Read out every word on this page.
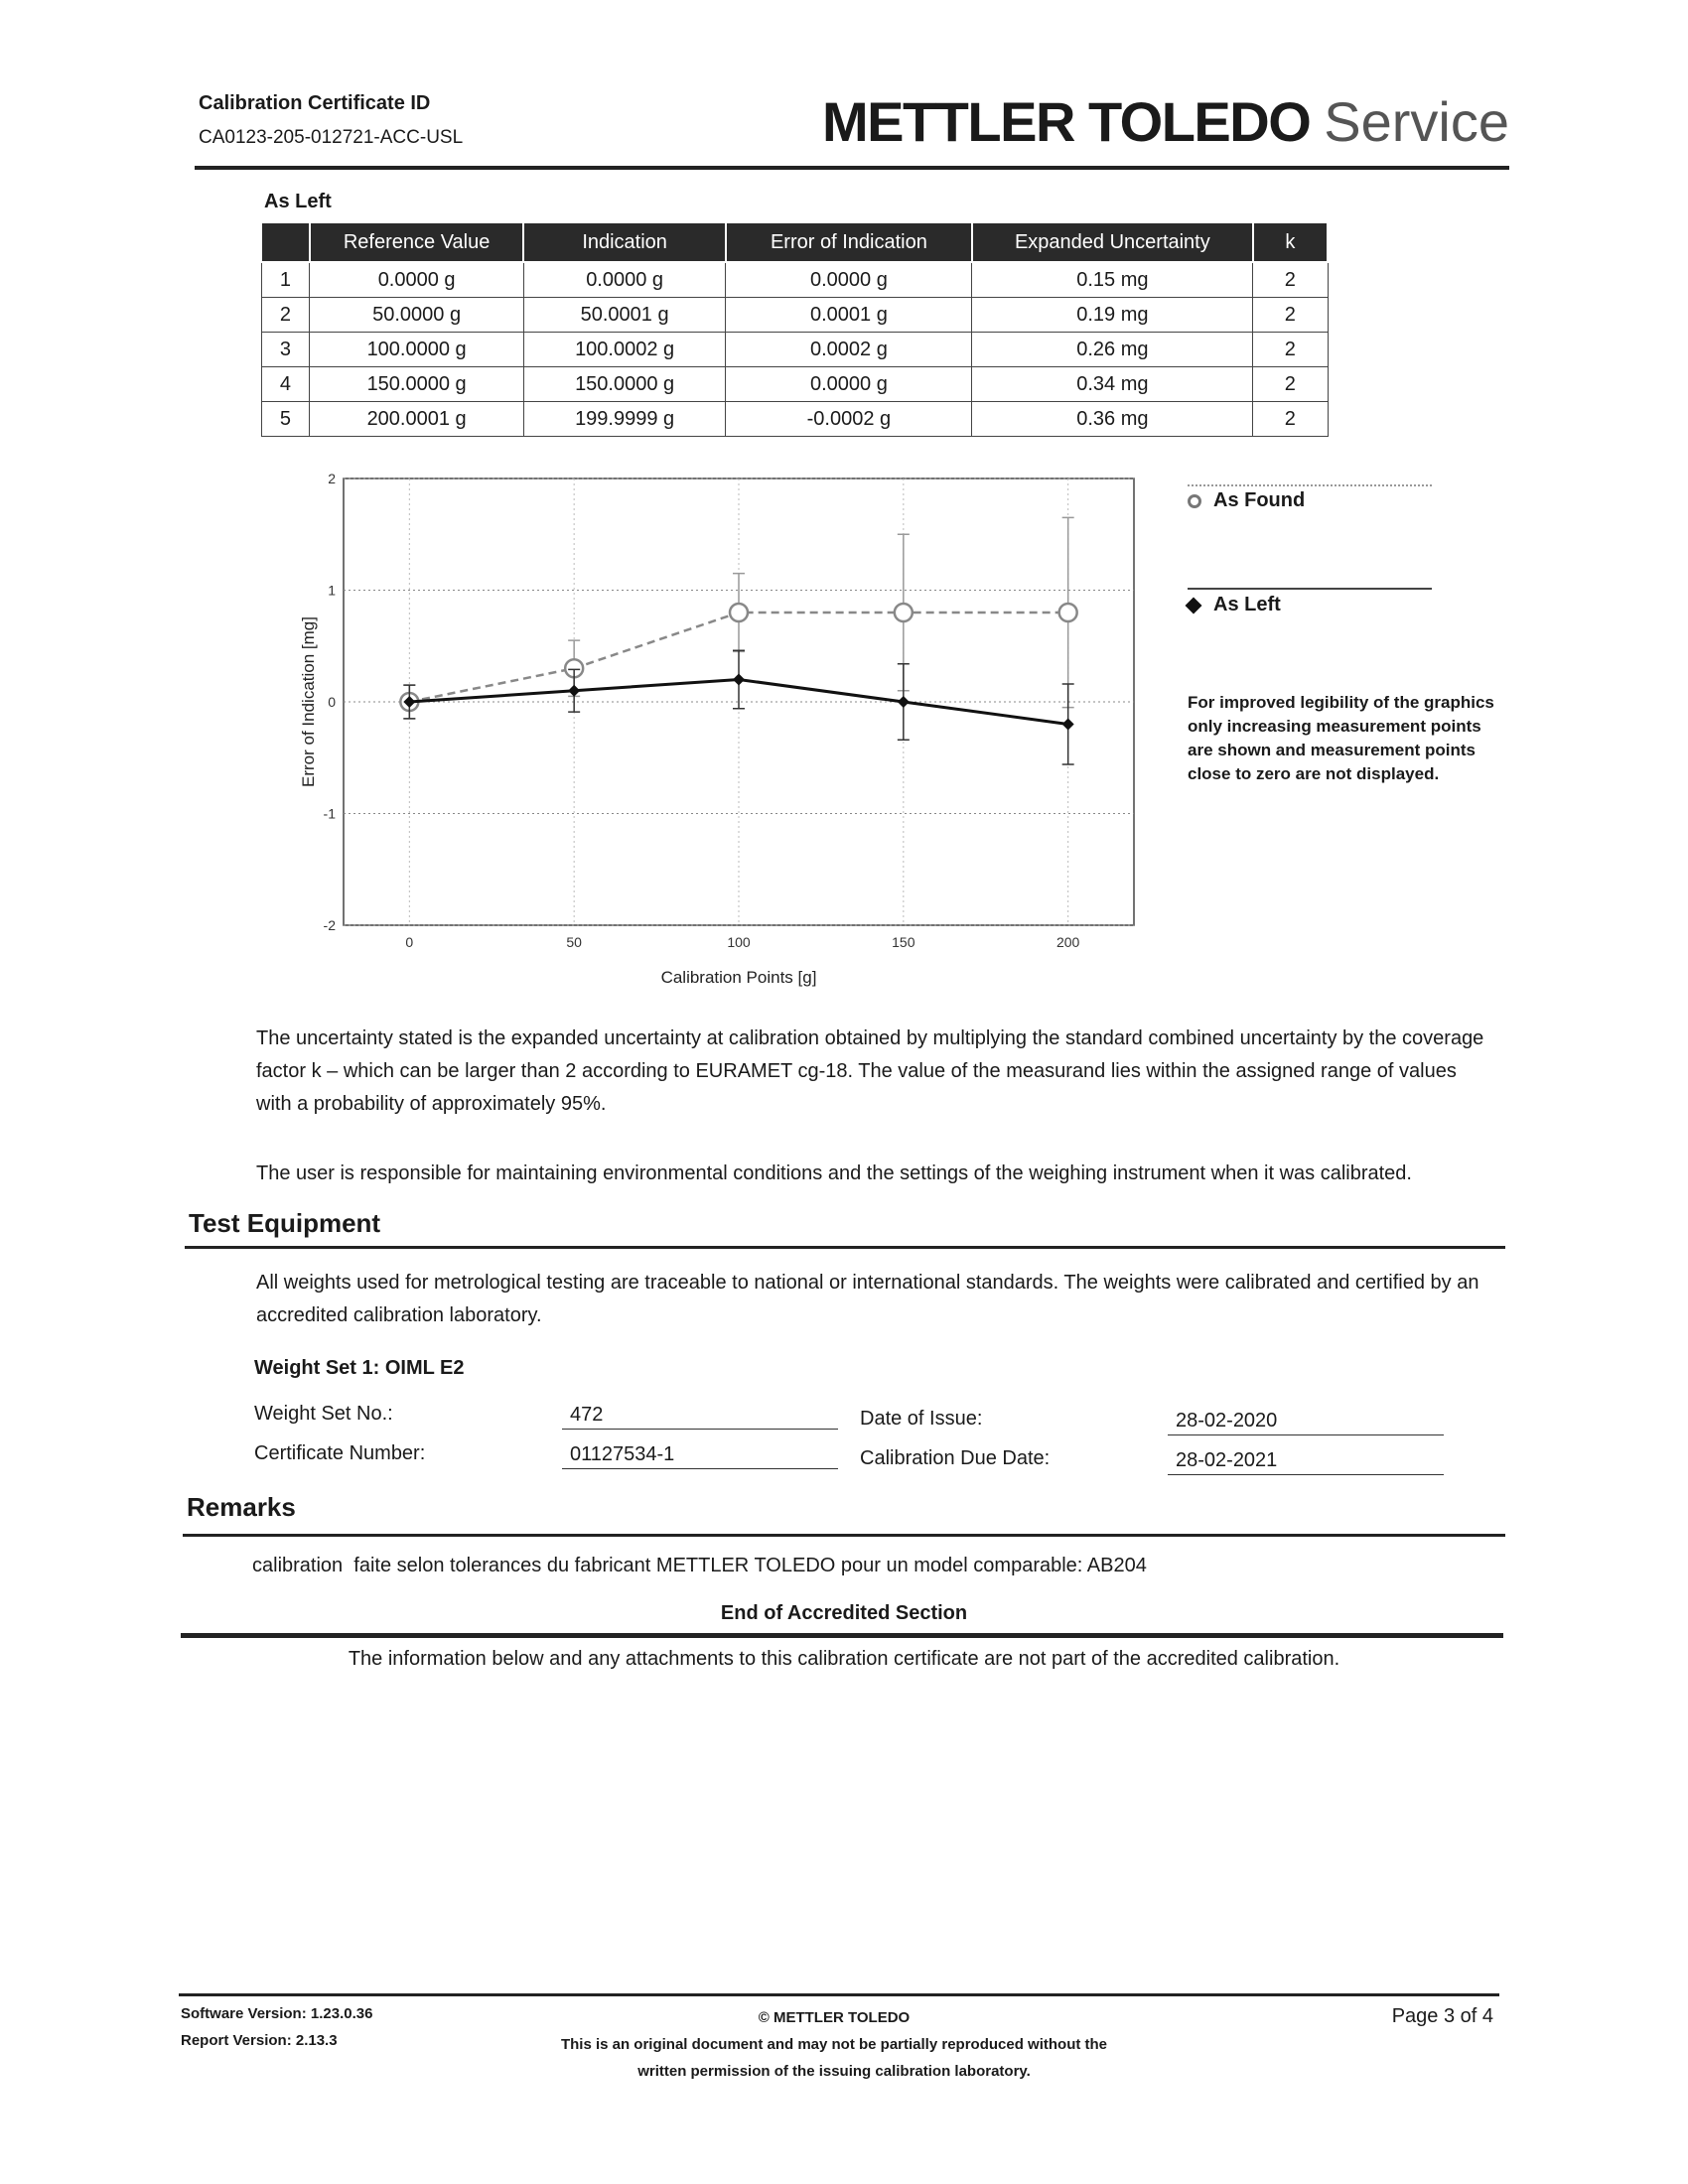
Calibration Certificate ID
CA0123-205-012721-ACC-USL	METTLER TOLEDO Service
As Left
	Reference Value	Indication	Error of Indication	Expanded Uncertainty	k
1	0.0000 g	0.0000 g	0.0000 g	0.15 mg	2
2	50.0000 g	50.0001 g	0.0001 g	0.19 mg	2
3	100.0000 g	100.0002 g	0.0002 g	0.26 mg	2
4	150.0000 g	150.0000 g	0.0000 g	0.34 mg	2
5	200.0001 g	199.9999 g	-0.0002 g	0.36 mg	2
-2
-1
0
1
2
0	50	100	150	200
Calibration Points [g]
Error of Indication [mg]
As Found
As Left
For improved legibility of the graphics only increasing measurement points are shown and measurement points close to zero are not displayed.
The uncertainty stated is the expanded uncertainty at calibration obtained by multiplying the standard combined uncertainty by the coverage factor k – which can be larger than 2 according to EURAMET cg-18. The value of the measurand lies within the assigned range of values with a probability of approximately 95%.
The user is responsible for maintaining environmental conditions and the settings of the weighing instrument when it was calibrated.
Test Equipment
All weights used for metrological testing are traceable to national or international standards. The weights were calibrated and certified by an accredited calibration laboratory.
Weight Set 1: OIML E2
Weight Set No.:	472
Certificate Number:	01127534-1
Date of Issue:	28-02-2020
Calibration Due Date:	28-02-2021
Remarks
calibration  faite selon tolerances du fabricant METTLER TOLEDO pour un model comparable: AB204
End of Accredited Section
The information below and any attachments to this calibration certificate are not part of the accredited calibration.
Software Version: 1.23.0.36
Report Version: 2.13.3
© METTLER TOLEDO
This is an original document and may not be partially reproduced without the
written permission of the issuing calibration laboratory.
Page 3 of 4
